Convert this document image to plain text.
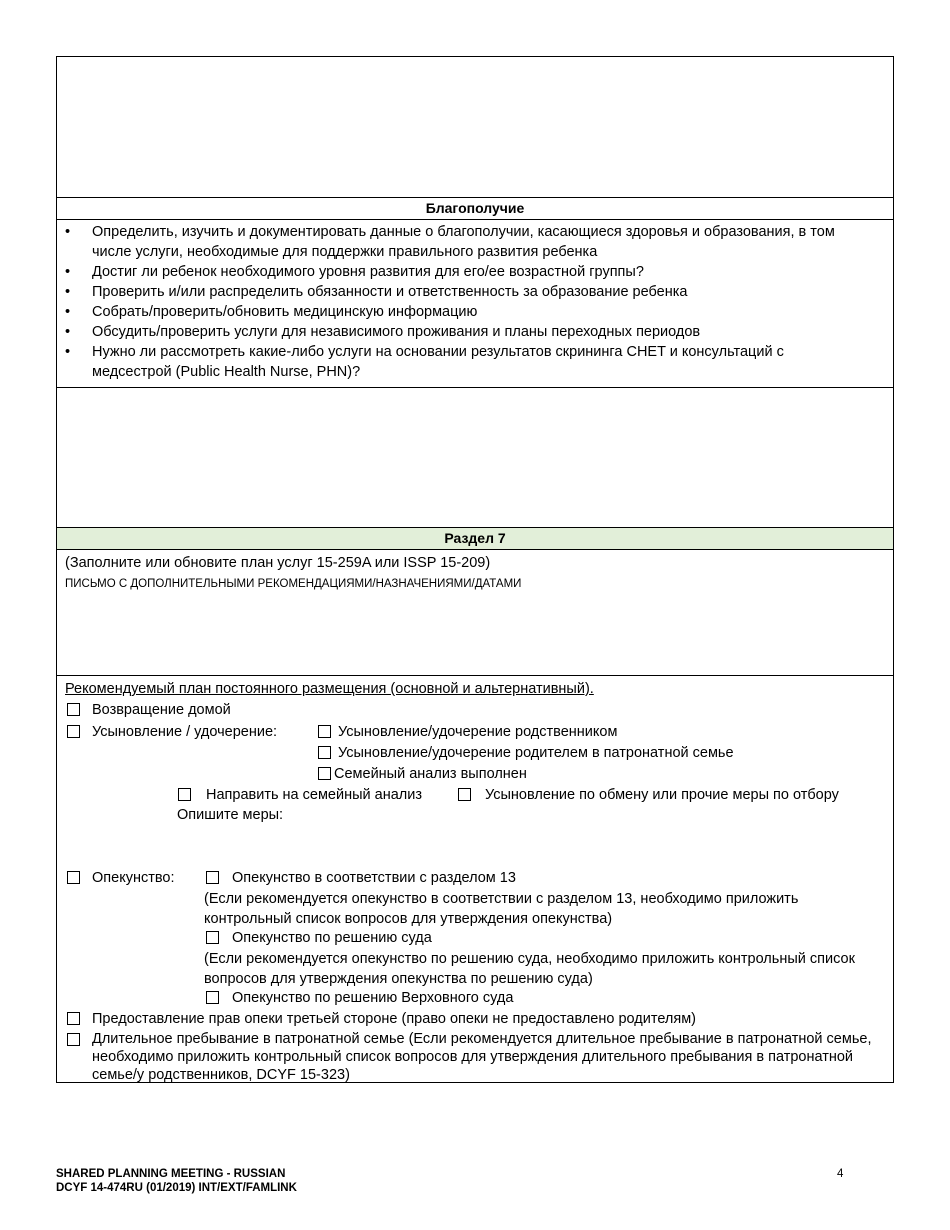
Благополучие
• Определить, изучить и документировать данные о благополучии, касающиеся здоровья и образования, в том числе услуги, необходимые для поддержки правильного развития ребенка
• Достиг ли ребенок необходимого уровня развития для его/ее возрастной группы?
• Проверить и/или распределить обязанности и ответственность за образование ребенка
• Собрать/проверить/обновить медицинскую информацию
• Обсудить/проверить услуги для независимого проживания и планы переходных периодов
• Нужно ли рассмотреть какие-либо услуги на основании результатов скрининга CHET и консультаций с медсестрой (Public Health Nurse, PHN)?
Раздел 7
(Заполните или обновите план услуг 15-259A или ISSP 15-209)
ПИСЬМО С ДОПОЛНИТЕЛЬНЫМИ РЕКОМЕНДАЦИЯМИ/НАЗНАЧЕНИЯМИ/ДАТАМИ
Рекомендуемый план постоянного размещения (основной и альтернативный).
Возвращение домой
Усыновление / удочерение:	Усыновление/удочерение родственником
Усыновление/удочерение родителем в патронатной семье
Семейный анализ выполнен
Направить на семейный анализ	Усыновление по обмену или прочие меры по отбору
Опишите меры:
Опекунство:	Опекунство в соответствии с разделом 13
(Если рекомендуется опекунство в соответствии с разделом 13, необходимо приложить контрольный список вопросов для утверждения опекунства)
Опекунство по решению суда
(Если рекомендуется опекунство по решению суда, необходимо приложить контрольный список вопросов для утверждения опекунства по решению суда)
Опекунство по решению Верховного суда
Предоставление прав опеки третьей стороне (право опеки не предоставлено родителям)
Длительное пребывание в патронатной семье (Если рекомендуется длительное пребывание в патронатной семье, необходимо приложить контрольный список вопросов для утверждения длительного пребывания в патронатной семье/у родственников, DCYF 15-323)
SHARED PLANNING MEETING - RUSSIAN
DCYF 14-474RU (01/2019) INT/EXT/FAMLINK
4
